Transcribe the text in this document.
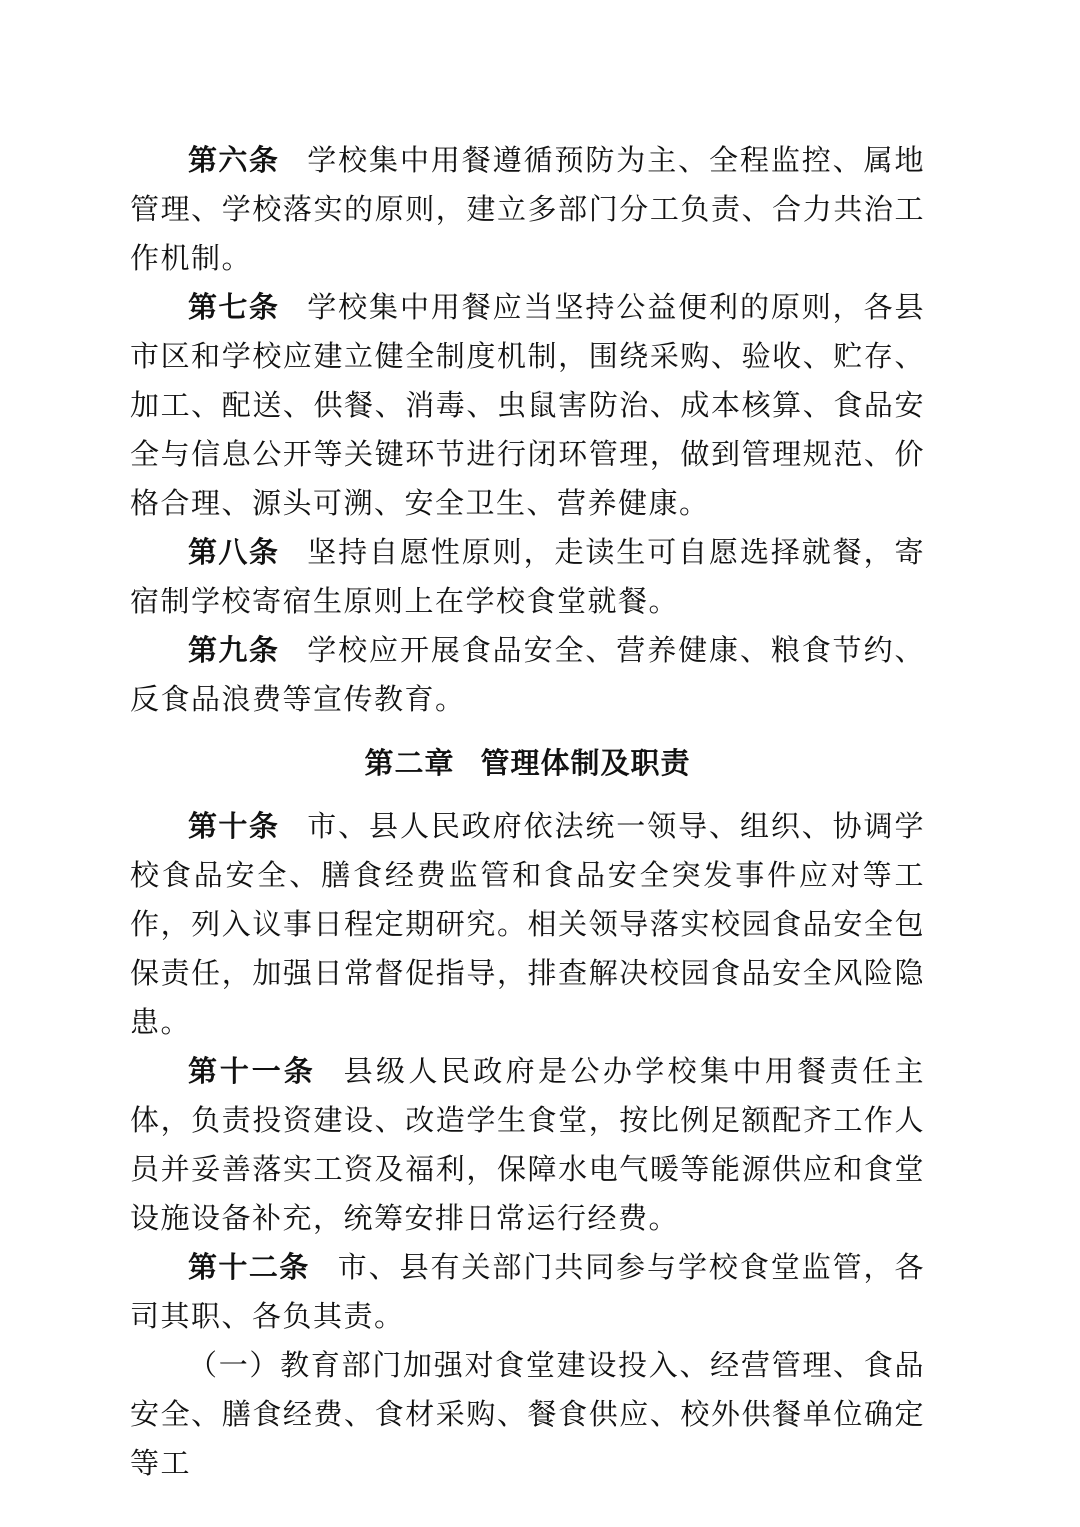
第六条 学校集中用餐遵循预防为主、全程监控、属地管理、学校落实的原则，建立多部门分工负责、合力共治工作机制。

第七条 学校集中用餐应当坚持公益便利的原则，各县市区和学校应建立健全制度机制，围绕采购、验收、贮存、加工、配送、供餐、消毒、虫鼠害防治、成本核算、食品安全与信息公开等关键环节进行闭环管理，做到管理规范、价格合理、源头可溯、安全卫生、营养健康。

第八条 坚持自愿性原则，走读生可自愿选择就餐，寄宿制学校寄宿生原则上在学校食堂就餐。

第九条 学校应开展食品安全、营养健康、粮食节约、反食品浪费等宣传教育。

第二章 管理体制及职责

第十条 市、县人民政府依法统一领导、组织、协调学校食品安全、膳食经费监管和食品安全突发事件应对等工作，列入议事日程定期研究。相关领导落实校园食品安全包保责任，加强日常督促指导，排查解决校园食品安全风险隐患。

第十一条 县级人民政府是公办学校集中用餐责任主体，负责投资建设、改造学生食堂，按比例足额配齐工作人员并妥善落实工资及福利，保障水电气暖等能源供应和食堂设施设备补充，统筹安排日常运行经费。

第十二条 市、县有关部门共同参与学校食堂监管，各司其职、各负其责。

（一）教育部门加强对食堂建设投入、经营管理、食品安全、膳食经费、食材采购、餐食供应、校外供餐单位确定等工
